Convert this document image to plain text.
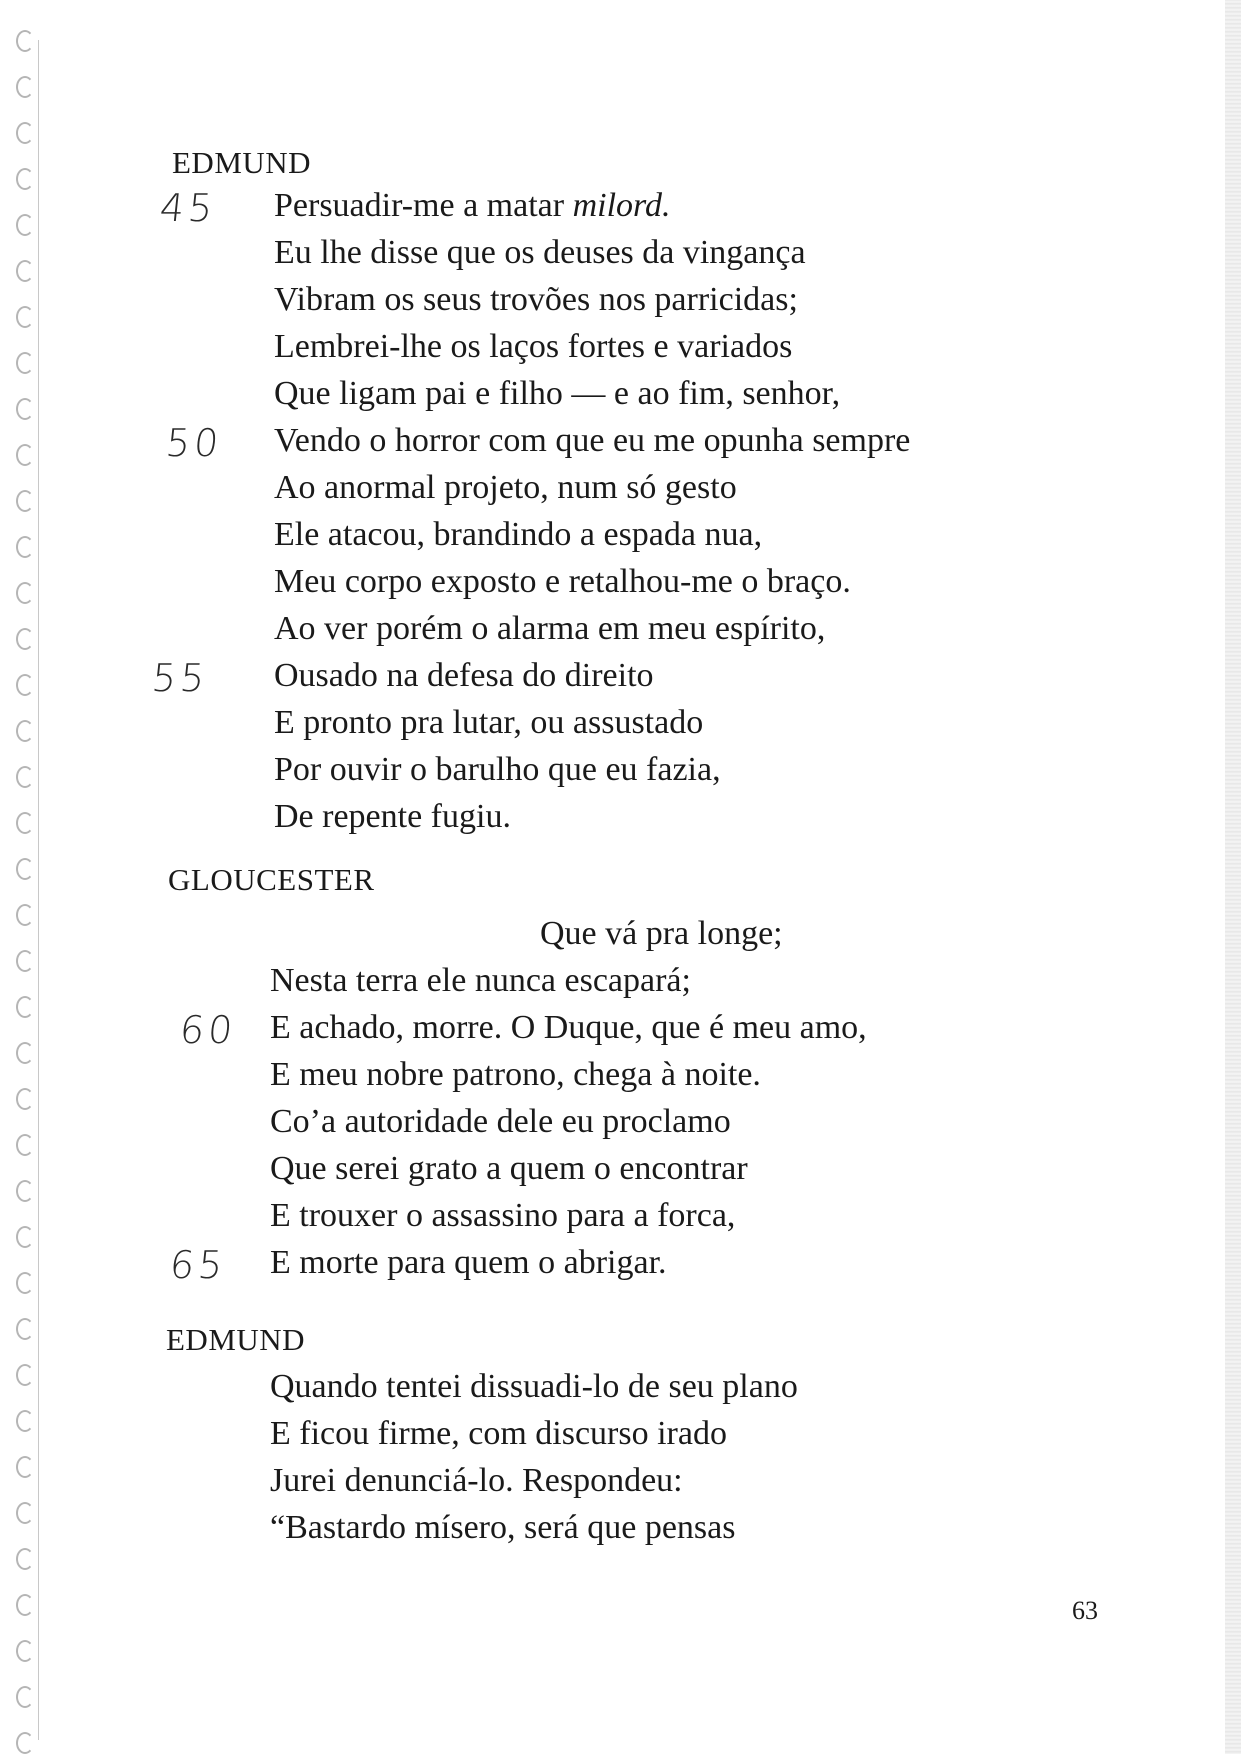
EDMUND
Persuadir-me a matar milord.
Eu lhe disse que os deuses da vingança
Vibram os seus trovões nos parricidas;
Lembrei-lhe os laços fortes e variados
Que ligam pai e filho — e ao fim, senhor,
Vendo o horror com que eu me opunha sempre
Ao anormal projeto, num só gesto
Ele atacou, brandindo a espada nua,
Meu corpo exposto e retalhou-me o braço.
Ao ver porém o alarma em meu espírito,
Ousado na defesa do direito
E pronto pra lutar, ou assustado
Por ouvir o barulho que eu fazia,
De repente fugiu.
GLOUCESTER
Que vá pra longe;
Nesta terra ele nunca escapará;
E achado, morre. O Duque, que é meu amo,
E meu nobre patrono, chega à noite.
Co’a autoridade dele eu proclamo
Que serei grato a quem o encontrar
E trouxer o assassino para a forca,
E morte para quem o abrigar.
EDMUND
Quando tentei dissuadi-lo de seu plano
E ficou firme, com discurso irado
Jurei denunciá-lo. Respondeu:
“Bastardo mísero, será que pensas
45
50
55
60
65
63
